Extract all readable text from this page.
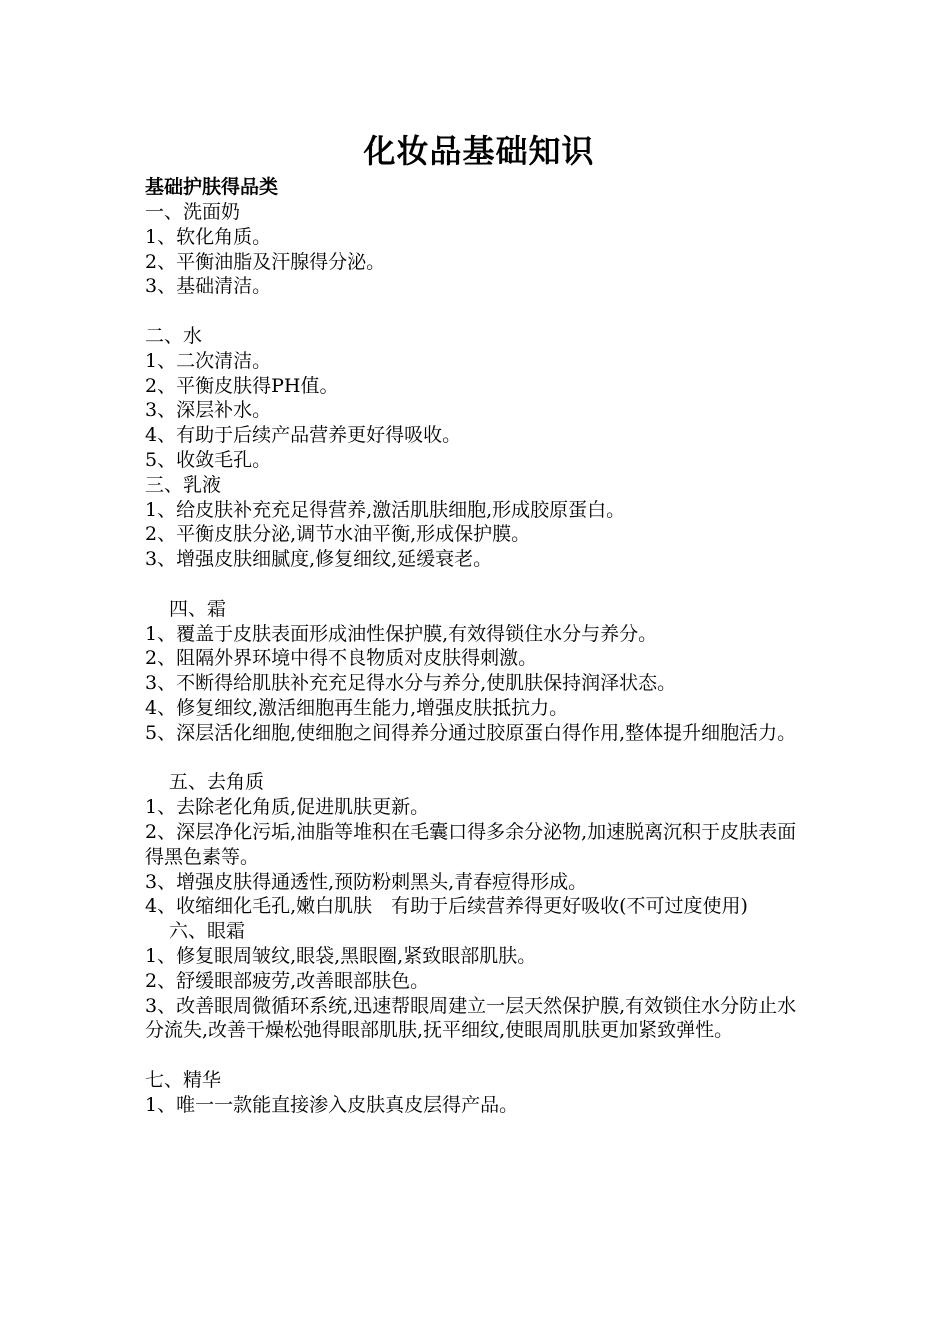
化妆品基础知识
基础护肤得品类
一、洗面奶
1、软化角质。
2、平衡油脂及汗腺得分泌。
3、基础清洁。
二、水
1、二次清洁。
2、平衡皮肤得PH值。
3、深层补水。
4、有助于后续产品营养更好得吸收。
5、收敛毛孔。
三、乳液
1、给皮肤补充充足得营养,激活肌肤细胞,形成胶原蛋白。
2、平衡皮肤分泌,调节水油平衡,形成保护膜。
3、增强皮肤细腻度,修复细纹,延缓衰老。
四、霜
1、覆盖于皮肤表面形成油性保护膜,有效得锁住水分与养分。
2、阻隔外界环境中得不良物质对皮肤得刺激。
3、不断得给肌肤补充充足得水分与养分,使肌肤保持润泽状态。
4、修复细纹,激活细胞再生能力,增强皮肤抵抗力。
5、深层活化细胞,使细胞之间得养分通过胶原蛋白得作用,整体提升细胞活力。
五、去角质
1、去除老化角质,促进肌肤更新。
2、深层净化污垢,油脂等堆积在毛囊口得多余分泌物,加速脱离沉积于皮肤表面得黑色素等。
3、增强皮肤得通透性,预防粉刺黑头,青春痘得形成。
4、收缩细化毛孔,嫩白肌肤　有助于后续营养得更好吸收(不可过度使用)
六、眼霜
1、修复眼周皱纹,眼袋,黑眼圈,紧致眼部肌肤。
2、舒缓眼部疲劳,改善眼部肤色。
3、改善眼周微循环系统,迅速帮眼周建立一层天然保护膜,有效锁住水分防止水分流失,改善干燥松弛得眼部肌肤,抚平细纹,使眼周肌肤更加紧致弹性。
七、精华
1、唯一一款能直接渗入皮肤真皮层得产品。
